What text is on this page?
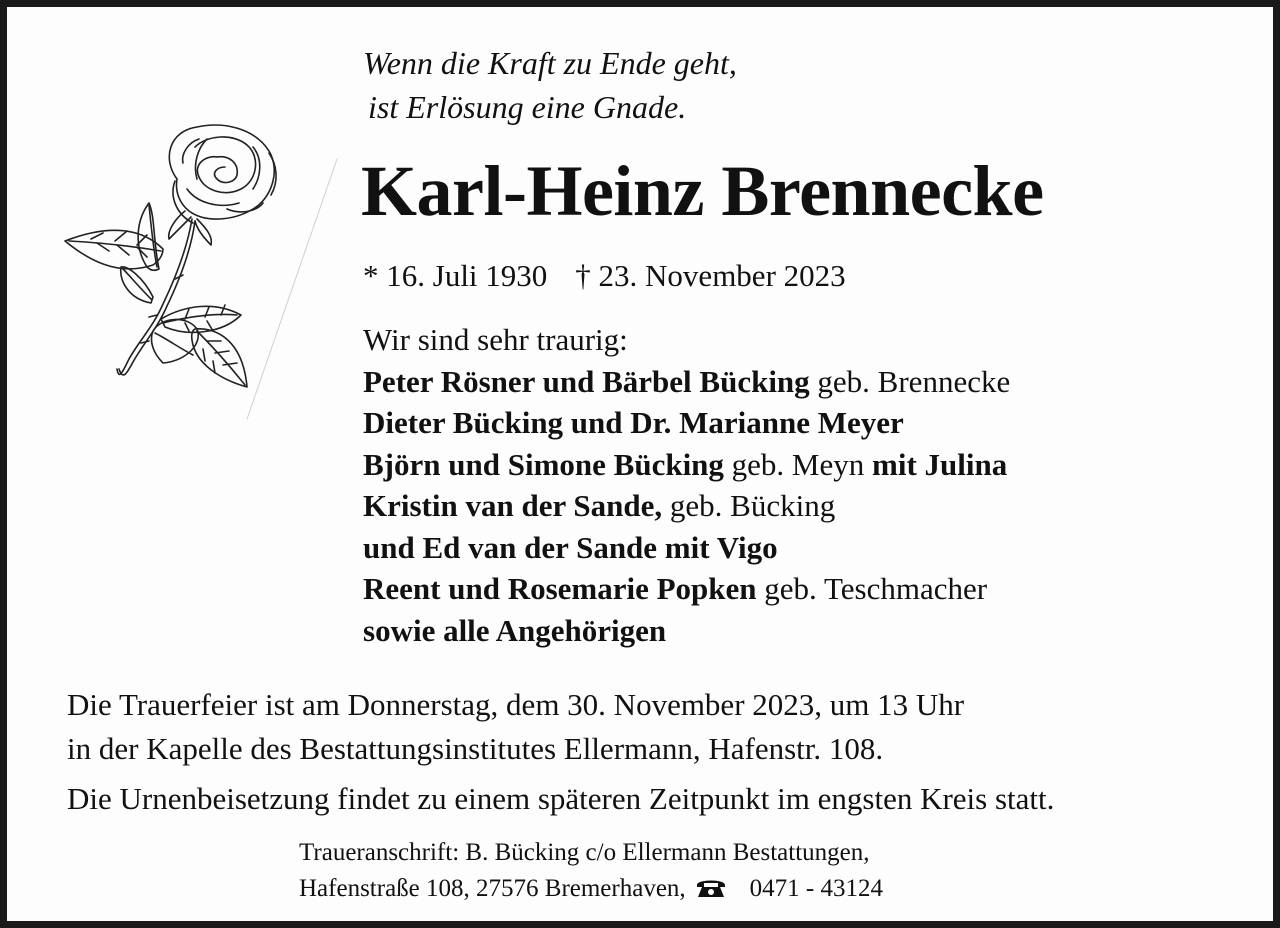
Wenn die Kraft zu Ende geht,
ist Erlösung eine Gnade.
Karl-Heinz Brennecke
* 16. Juli 1930 † 23. November 2023
Wir sind sehr traurig:
Peter Rösner und Bärbel Bücking geb. Brennecke
Dieter Bücking und Dr. Marianne Meyer
Björn und Simone Bücking geb. Meyn mit Julina
Kristin van der Sande, geb. Bücking
und Ed van der Sande mit Vigo
Reent und Rosemarie Popken geb. Teschmacher
sowie alle Angehörigen
Die Trauerfeier ist am Donnerstag, dem 30. November 2023, um 13 Uhr
in der Kapelle des Bestattungsinstitutes Ellermann, Hafenstr. 108.
Die Urnenbeisetzung findet zu einem späteren Zeitpunkt im engsten Kreis statt.
Traueranschrift: B. Bücking c/o Ellermann Bestattungen,
Hafenstraße 108, 27576 Bremerhaven,	0471 - 43124
